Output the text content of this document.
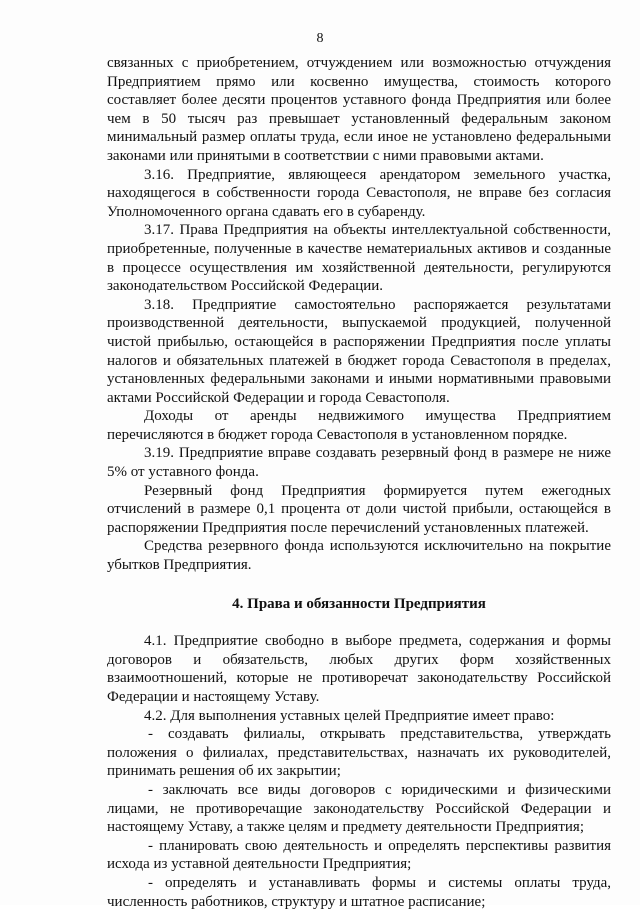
8

связанных с приобретением, отчуждением или возможностью отчуждения Предприятием прямо или косвенно имущества, стоимость которого составляет более десяти процентов уставного фонда Предприятия или более чем в 50 тысяч раз превышает установленный федеральным законом минимальный размер оплаты труда, если иное не установлено федеральными законами или принятыми в соответствии с ними правовыми актами.

3.16. Предприятие, являющееся арендатором земельного участка, находящегося в собственности города Севастополя, не вправе без согласия Уполномоченного органа сдавать его в субаренду.

3.17. Права Предприятия на объекты интеллектуальной собственности, приобретенные, полученные в качестве нематериальных активов и созданные в процессе осуществления им хозяйственной деятельности, регулируются законодательством Российской Федерации.

3.18. Предприятие самостоятельно распоряжается результатами производственной деятельности, выпускаемой продукцией, полученной чистой прибылью, остающейся в распоряжении Предприятия после уплаты налогов и обязательных платежей в бюджет города Севастополя в пределах, установленных федеральными законами и иными нормативными правовыми актами Российской Федерации и города Севастополя.

Доходы от аренды недвижимого имущества Предприятием перечисляются в бюджет города Севастополя в установленном порядке.

3.19. Предприятие вправе создавать резервный фонд в размере не ниже 5% от уставного фонда.

Резервный фонд Предприятия формируется путем ежегодных отчислений в размере 0,1 процента от доли чистой прибыли, остающейся в распоряжении Предприятия после перечислений установленных платежей.

Средства резервного фонда используются исключительно на покрытие убытков Предприятия.

4. Права и обязанности Предприятия

4.1. Предприятие свободно в выборе предмета, содержания и формы договоров и обязательств, любых других форм хозяйственных взаимоотношений, которые не противоречат законодательству Российской Федерации и настоящему Уставу.

4.2. Для выполнения уставных целей Предприятие имеет право:

- создавать филиалы, открывать представительства, утверждать положения о филиалах, представительствах, назначать их руководителей, принимать решения об их закрытии;

- заключать все виды договоров с юридическими и физическими лицами, не противоречащие законодательству Российской Федерации и настоящему Уставу, а также целям и предмету деятельности Предприятия;

- планировать свою деятельность и определять перспективы развития исхода из уставной деятельности Предприятия;

- определять и устанавливать формы и системы оплаты труда, численность работников, структуру и штатное расписание;
